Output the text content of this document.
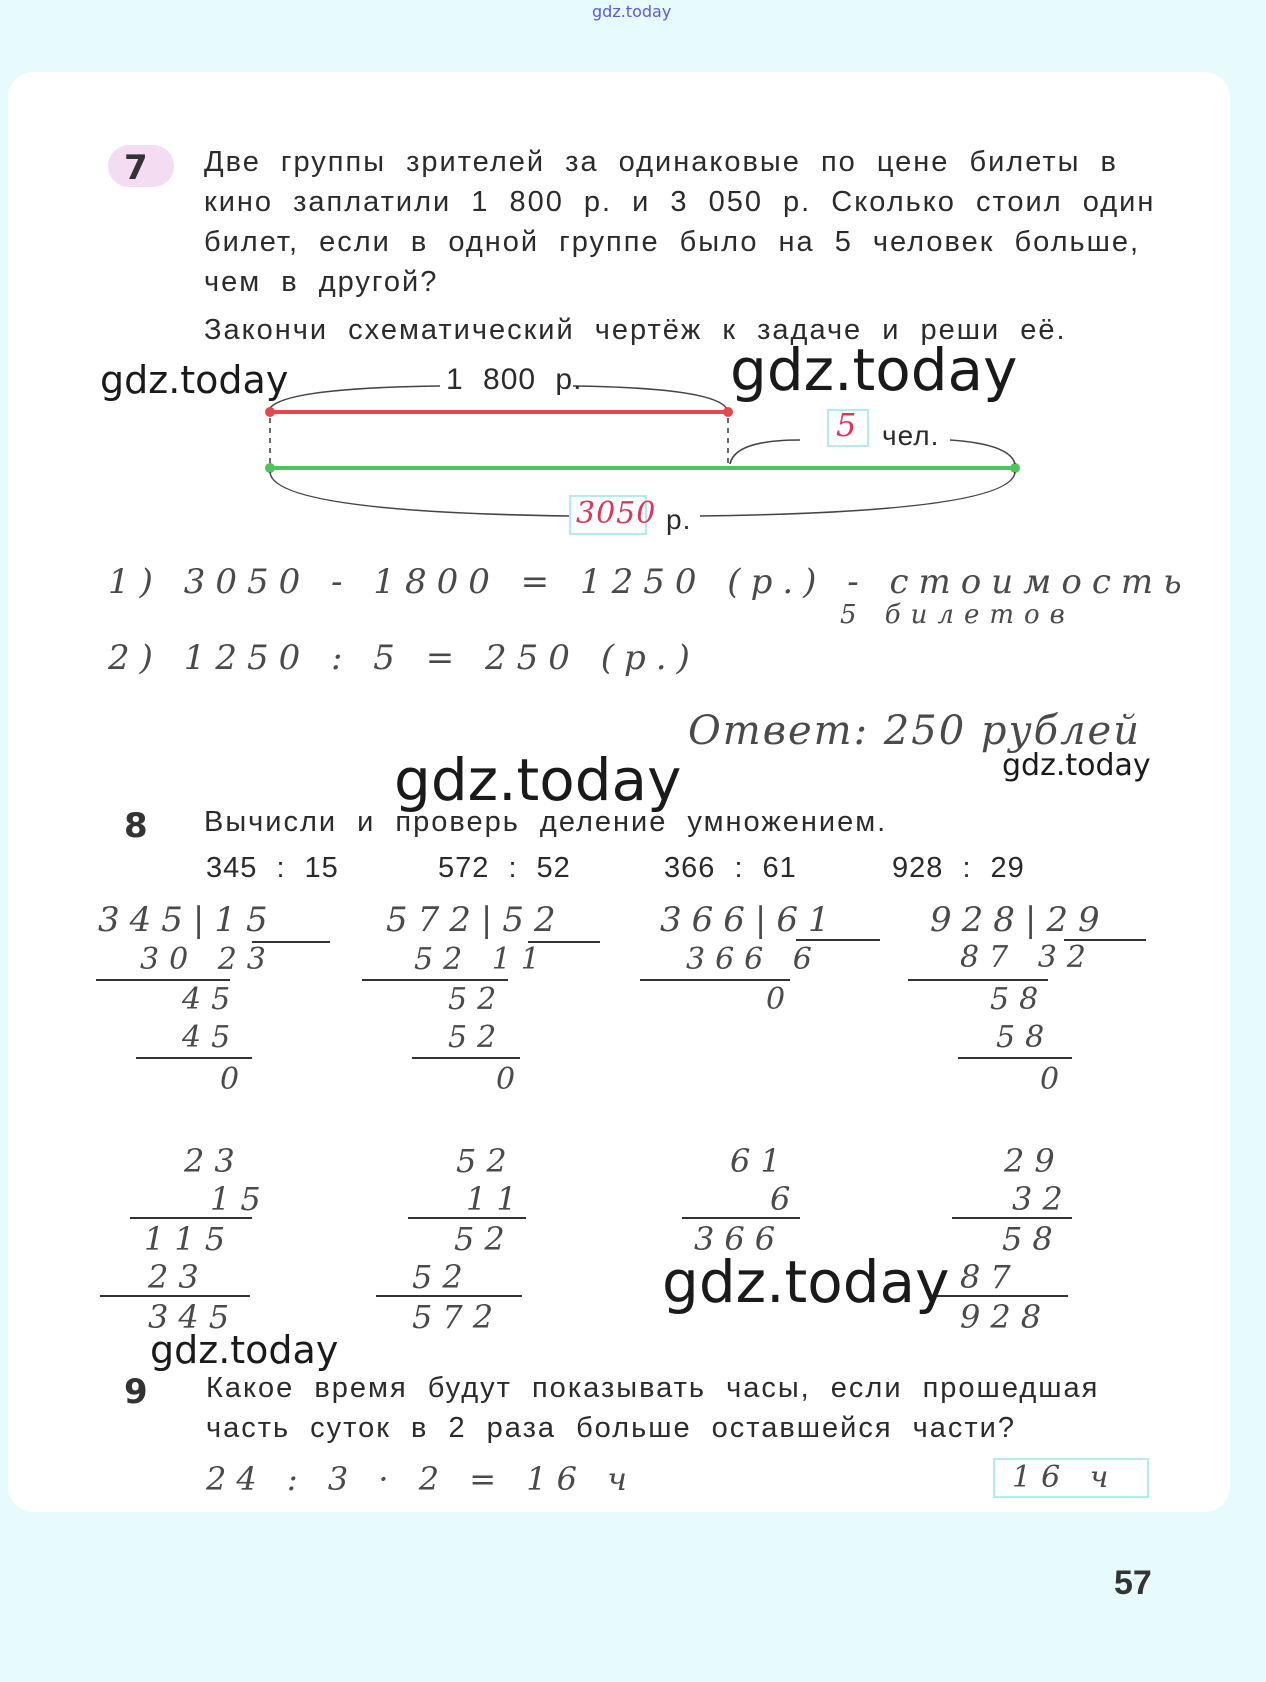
gdz.today
7 Две группы зрителей за одинаковые по цене билеты в
кино заплатили 1 800 р. и 3 050 р. Сколько стоил один
билет, если в одной группе было на 5 человек больше,
чем в другой?
Закончи схематический чертёж к задаче и реши её.
1 800 р.
5 чел.
3050 р.
1) 3050 - 1800 = 1250 (р.) - стоимость
5 билетов
2) 1250 : 5 = 250 (р.)
Ответ: 250 рублей
8 Вычисли и проверь деление умножением.
345 : 15	572 : 52	366 : 61	928 : 29
345|15
30 23
45
45
0
572|52
52 11
52
52
0
366|61
366 6
0
928|29
87 32
58
58
0
23
15
115
23
345
52
11
52
52
572
61
6
366
29
32
58
87
928
9 Какое время будут показывать часы, если прошедшая
часть суток в 2 раза больше оставшейся части?
24 : 3 · 2 = 16 ч	16 ч
gdz.today	gdz.today
gdz.today	gdz.today
gdz.today
gdz.today
57
